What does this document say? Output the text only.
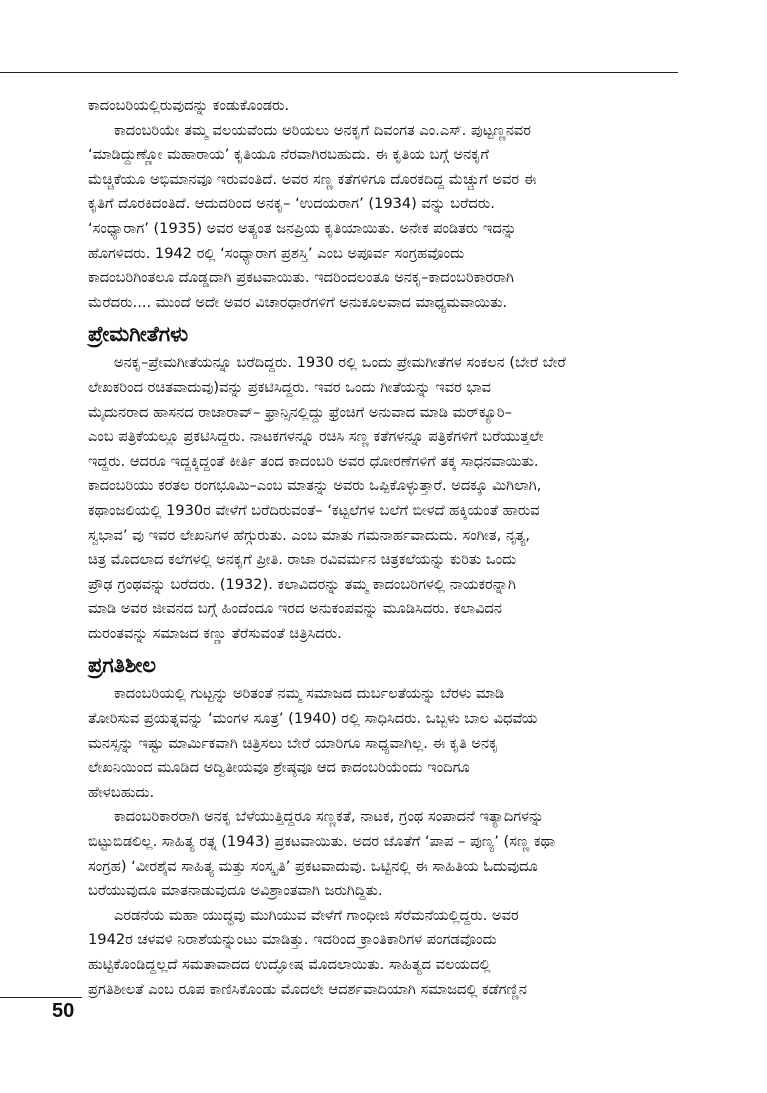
ಕಾದಂಬರಿಯಲ್ಲಿರುವುದನ್ನು ಕಂಡುಕೊಂಡರು.

ಕಾದಂಬರಿಯೇ ತಮ್ಮ ವಲಯವೆಂದು ಅರಿಯಲು ಅನಕೃಗೆ ದಿವಂಗತ ಎಂ.ಎಸ್. ಪುಟ್ಟಣ್ಣನವರ

‘ಮಾಡಿದ್ದುಣ್ಣೋ ಮಹಾರಾಯ’ ಕೃತಿಯೂ ನೆರವಾಗಿರಬಹುದು. ಈ ಕೃತಿಯ ಬಗ್ಗೆ ಅನಕೃಗೆ

ಮೆಚ್ಚಿಕೆಯೂ ಅಭಿಮಾನವೂ ಇರುವಂತಿದೆ. ಅವರ ಸಣ್ಣ ಕತೆಗಳಿಗೂ ದೊರಕದಿದ್ದ ಮೆಚ್ಚುಗೆ ಅವರ ಈ

ಕೃತಿಗೆ ದೊರಕಿದಂತಿದೆ. ಆದುದರಿಂದ ಅನಕೃ– ‘ಉದಯರಾಗ’ (1934) ವನ್ನು ಬರೆದರು.

‘ಸಂಧ್ಯಾರಾಗ’ (1935) ಅವರ ಅತ್ಯಂತ ಜನಪ್ರಿಯ ಕೃತಿಯಾಯಿತು. ಅನೇಕ ಪಂಡಿತರು ಇದನ್ನು

ಹೊಗಳಿದರು. 1942 ರಲ್ಲಿ ‘ಸಂಧ್ಯಾರಾಗ ಪ್ರಶಸ್ತಿ’ ಎಂಬ ಅಪೂರ್ವ ಸಂಗ್ರಹವೊಂದು

ಕಾದಂಬರಿಗಿಂತಲೂ ದೊಡ್ಡದಾಗಿ ಪ್ರಕಟವಾಯಿತು. ಇದರಿಂದಲಂತೂ ಅನಕೃ–ಕಾದಂಬರಿಕಾರರಾಗಿ

ಮೆರೆದರು.... ಮುಂದೆ ಅದೇ ಅವರ ವಿಚಾರಧಾರೆಗಳಿಗೆ ಅನುಕೂಲವಾದ ಮಾಧ್ಯಮವಾಯಿತು.

ಪ್ರೇಮಗೀತೆಗಳು

ಅನಕೃ–ಪ್ರೇಮಗೀತೆಯನ್ನೂ ಬರೆದಿದ್ದರು. 1930 ರಲ್ಲಿ ಒಂದು ಪ್ರೇಮಗೀತೆಗಳ ಸಂಕಲನ (ಬೇರೆ ಬೇರೆ

ಲೇಖಕರಿಂದ ರಚಿತವಾದುವು)ವನ್ನು ಪ್ರಕಟಿಸಿದ್ದರು. ಇವರ ಒಂದು ಗೀತೆಯನ್ನು ಇವರ ಭಾವ

ಮೈದುನರಾದ ಹಾಸನದ ರಾಜಾರಾವ್– ಫ್ರಾನ್ಸಿನಲ್ಲಿದ್ದು ಫ್ರೆಂಚಿಗೆ ಅನುವಾದ ಮಾಡಿ ಮರ್‌ಕ್ಯೂರಿ–

ಎಂಬ ಪತ್ರಿಕೆಯಲ್ಲೂ ಪ್ರಕಟಿಸಿದ್ದರು. ನಾಟಕಗಳನ್ನೂ ರಚಿಸಿ ಸಣ್ಣ ಕತೆಗಳನ್ನೂ ಪತ್ರಿಕೆಗಳಿಗೆ ಬರೆಯುತ್ತಲೇ

ಇದ್ದರು. ಆದರೂ ಇದ್ದಕ್ಕಿದ್ದಂತೆ ಕೀರ್ತಿ ತಂದ ಕಾದಂಬರಿ ಅವರ ಧೋರಣೆಗಳಿಗೆ ತಕ್ಕ ಸಾಧನವಾಯಿತು.

ಕಾದಂಬರಿಯು ಕರತಲ ರಂಗಭೂಮಿ–ಎಂಬ ಮಾತನ್ನು ಅವರು ಒಪ್ಪಿಕೊಳ್ಳುತ್ತಾರೆ. ಅದಕ್ಕೂ ಮಿಗಿಲಾಗಿ,

ಕಥಾಂಜಲಿಯಲ್ಲಿ 1930ರ ವೇಳೆಗೆ ಬರೆದಿರುವಂತೆ– ‘ಕಟ್ಟಲೆಗಳ ಬಲೆಗೆ ಬೀಳದೆ ಹಕ್ಕಿಯಂತೆ ಹಾರುವ

ಸ್ವಭಾವ’ ವು ಇವರ ಲೇಖನಿಗಳ ಹೆಗ್ಗುರುತು. ಎಂಬ ಮಾತು ಗಮನಾರ್ಹವಾದುದು. ಸಂಗೀತ, ನೃತ್ಯ,

ಚಿತ್ರ ಮೊದಲಾದ ಕಲೆಗಳಲ್ಲಿ ಅನಕೃಗೆ ಪ್ರೀತಿ. ರಾಜಾ ರವಿವರ್ಮನ ಚಿತ್ರಕಲೆಯನ್ನು ಕುರಿತು ಒಂದು

ಪ್ರೌಢ ಗ್ರಂಥವನ್ನು ಬರೆದರು. (1932). ಕಲಾವಿದರನ್ನು ತಮ್ಮ ಕಾದಂಬರಿಗಳಲ್ಲಿ ನಾಯಕರನ್ನಾಗಿ

ಮಾಡಿ ಅವರ ಜೀವನದ ಬಗ್ಗೆ ಹಿಂದೆಂದೂ ಇರದ ಅನುಕಂಪವನ್ನು ಮೂಡಿಸಿದರು. ಕಲಾವಿದನ

ದುರಂತವನ್ನು ಸಮಾಜದ ಕಣ್ಣು ತೆರೆಸುವಂತೆ ಚಿತ್ರಿಸಿದರು.

ಪ್ರಗತಿಶೀಲ

ಕಾದಂಬರಿಯಲ್ಲಿ ಗುಟ್ಟನ್ನು ಅರಿತಂತೆ ನಮ್ಮ ಸಮಾಜದ ದುರ್ಬಲತೆಯನ್ನು ಬೆರಳು ಮಾಡಿ

ತೋರಿಸುವ ಪ್ರಯತ್ನವನ್ನು ‘ಮಂಗಳ ಸೂತ್ರ’ (1940) ರಲ್ಲಿ ಸಾಧಿಸಿದರು. ಒಬ್ಬಳು ಬಾಲ ವಿಧವೆಯ

ಮನಸ್ಸನ್ನು ಇಷ್ಟು ಮಾರ್ಮಿಕವಾಗಿ ಚಿತ್ರಿಸಲು ಬೇರೆ ಯಾರಿಗೂ ಸಾಧ್ಯವಾಗಿಲ್ಲ. ಈ ಕೃತಿ ಅನಕೃ

ಲೇಖನಿಯಿಂದ ಮೂಡಿದ ಅದ್ವಿತೀಯವೂ ಶ್ರೇಷ್ಠವೂ ಆದ ಕಾದಂಬರಿಯೆಂದು ಇಂದಿಗೂ

ಹೇಳಬಹುದು.

ಕಾದಂಬರಿಕಾರರಾಗಿ ಅನಕೃ ಬೆಳೆಯುತ್ತಿದ್ದರೂ ಸಣ್ಣಕತೆ, ನಾಟಕ, ಗ್ರಂಥ ಸಂಪಾದನೆ ಇತ್ಯಾದಿಗಳನ್ನು

ಬಿಟ್ಟುಬಿಡಲಿಲ್ಲ. ಸಾಹಿತ್ಯ ರತ್ನ (1943) ಪ್ರಕಟವಾಯಿತು. ಅದರ ಜೊತೆಗೆ ‘ಪಾಪ – ಪುಣ್ಯ’ (ಸಣ್ಣ ಕಥಾ

ಸಂಗ್ರಹ) ‘ವೀರಶೈವ ಸಾಹಿತ್ಯ ಮತ್ತು ಸಂಸ್ಕೃತಿ’ ಪ್ರಕಟವಾದುವು. ಒಟ್ಟಿನಲ್ಲಿ ಈ ಸಾಹಿತಿಯ ಓದುವುದೂ

ಬರೆಯುವುದೂ ಮಾತನಾಡುವುದೂ ಅವಿಶ್ರಾಂತವಾಗಿ ಜರುಗಿದ್ದಿತು.

ಎರಡನೆಯ ಮಹಾ ಯುದ್ಧವು ಮುಗಿಯುವ ವೇಳೆಗೆ ಗಾಂಧೀಜಿ ಸೆರೆಮನೆಯಲ್ಲಿದ್ದರು. ಅವರ

1942ರ ಚಳವಳಿ ನಿರಾಶೆಯನ್ನುಂಟು ಮಾಡಿತ್ತು. ಇದರಿಂದ ಕ್ರಾಂತಿಕಾರಿಗಳ ಪಂಗಡವೊಂದು

ಹುಟ್ಟಿಕೊಂಡಿದ್ದಲ್ಲದೆ ಸಮತಾವಾದದ ಉದ್ಘೋಷ ಮೊದಲಾಯಿತು. ಸಾಹಿತ್ಯದ ವಲಯದಲ್ಲಿ

ಪ್ರಗತಿಶೀಲತೆ ಎಂಬ ರೂಪ ಕಾಣಿಸಿಕೊಂಡು ಮೊದಲೇ ಆದರ್ಶವಾದಿಯಾಗಿ ಸಮಾಜದಲ್ಲಿ ಕಡೆಗಣ್ಣಿನ

50
